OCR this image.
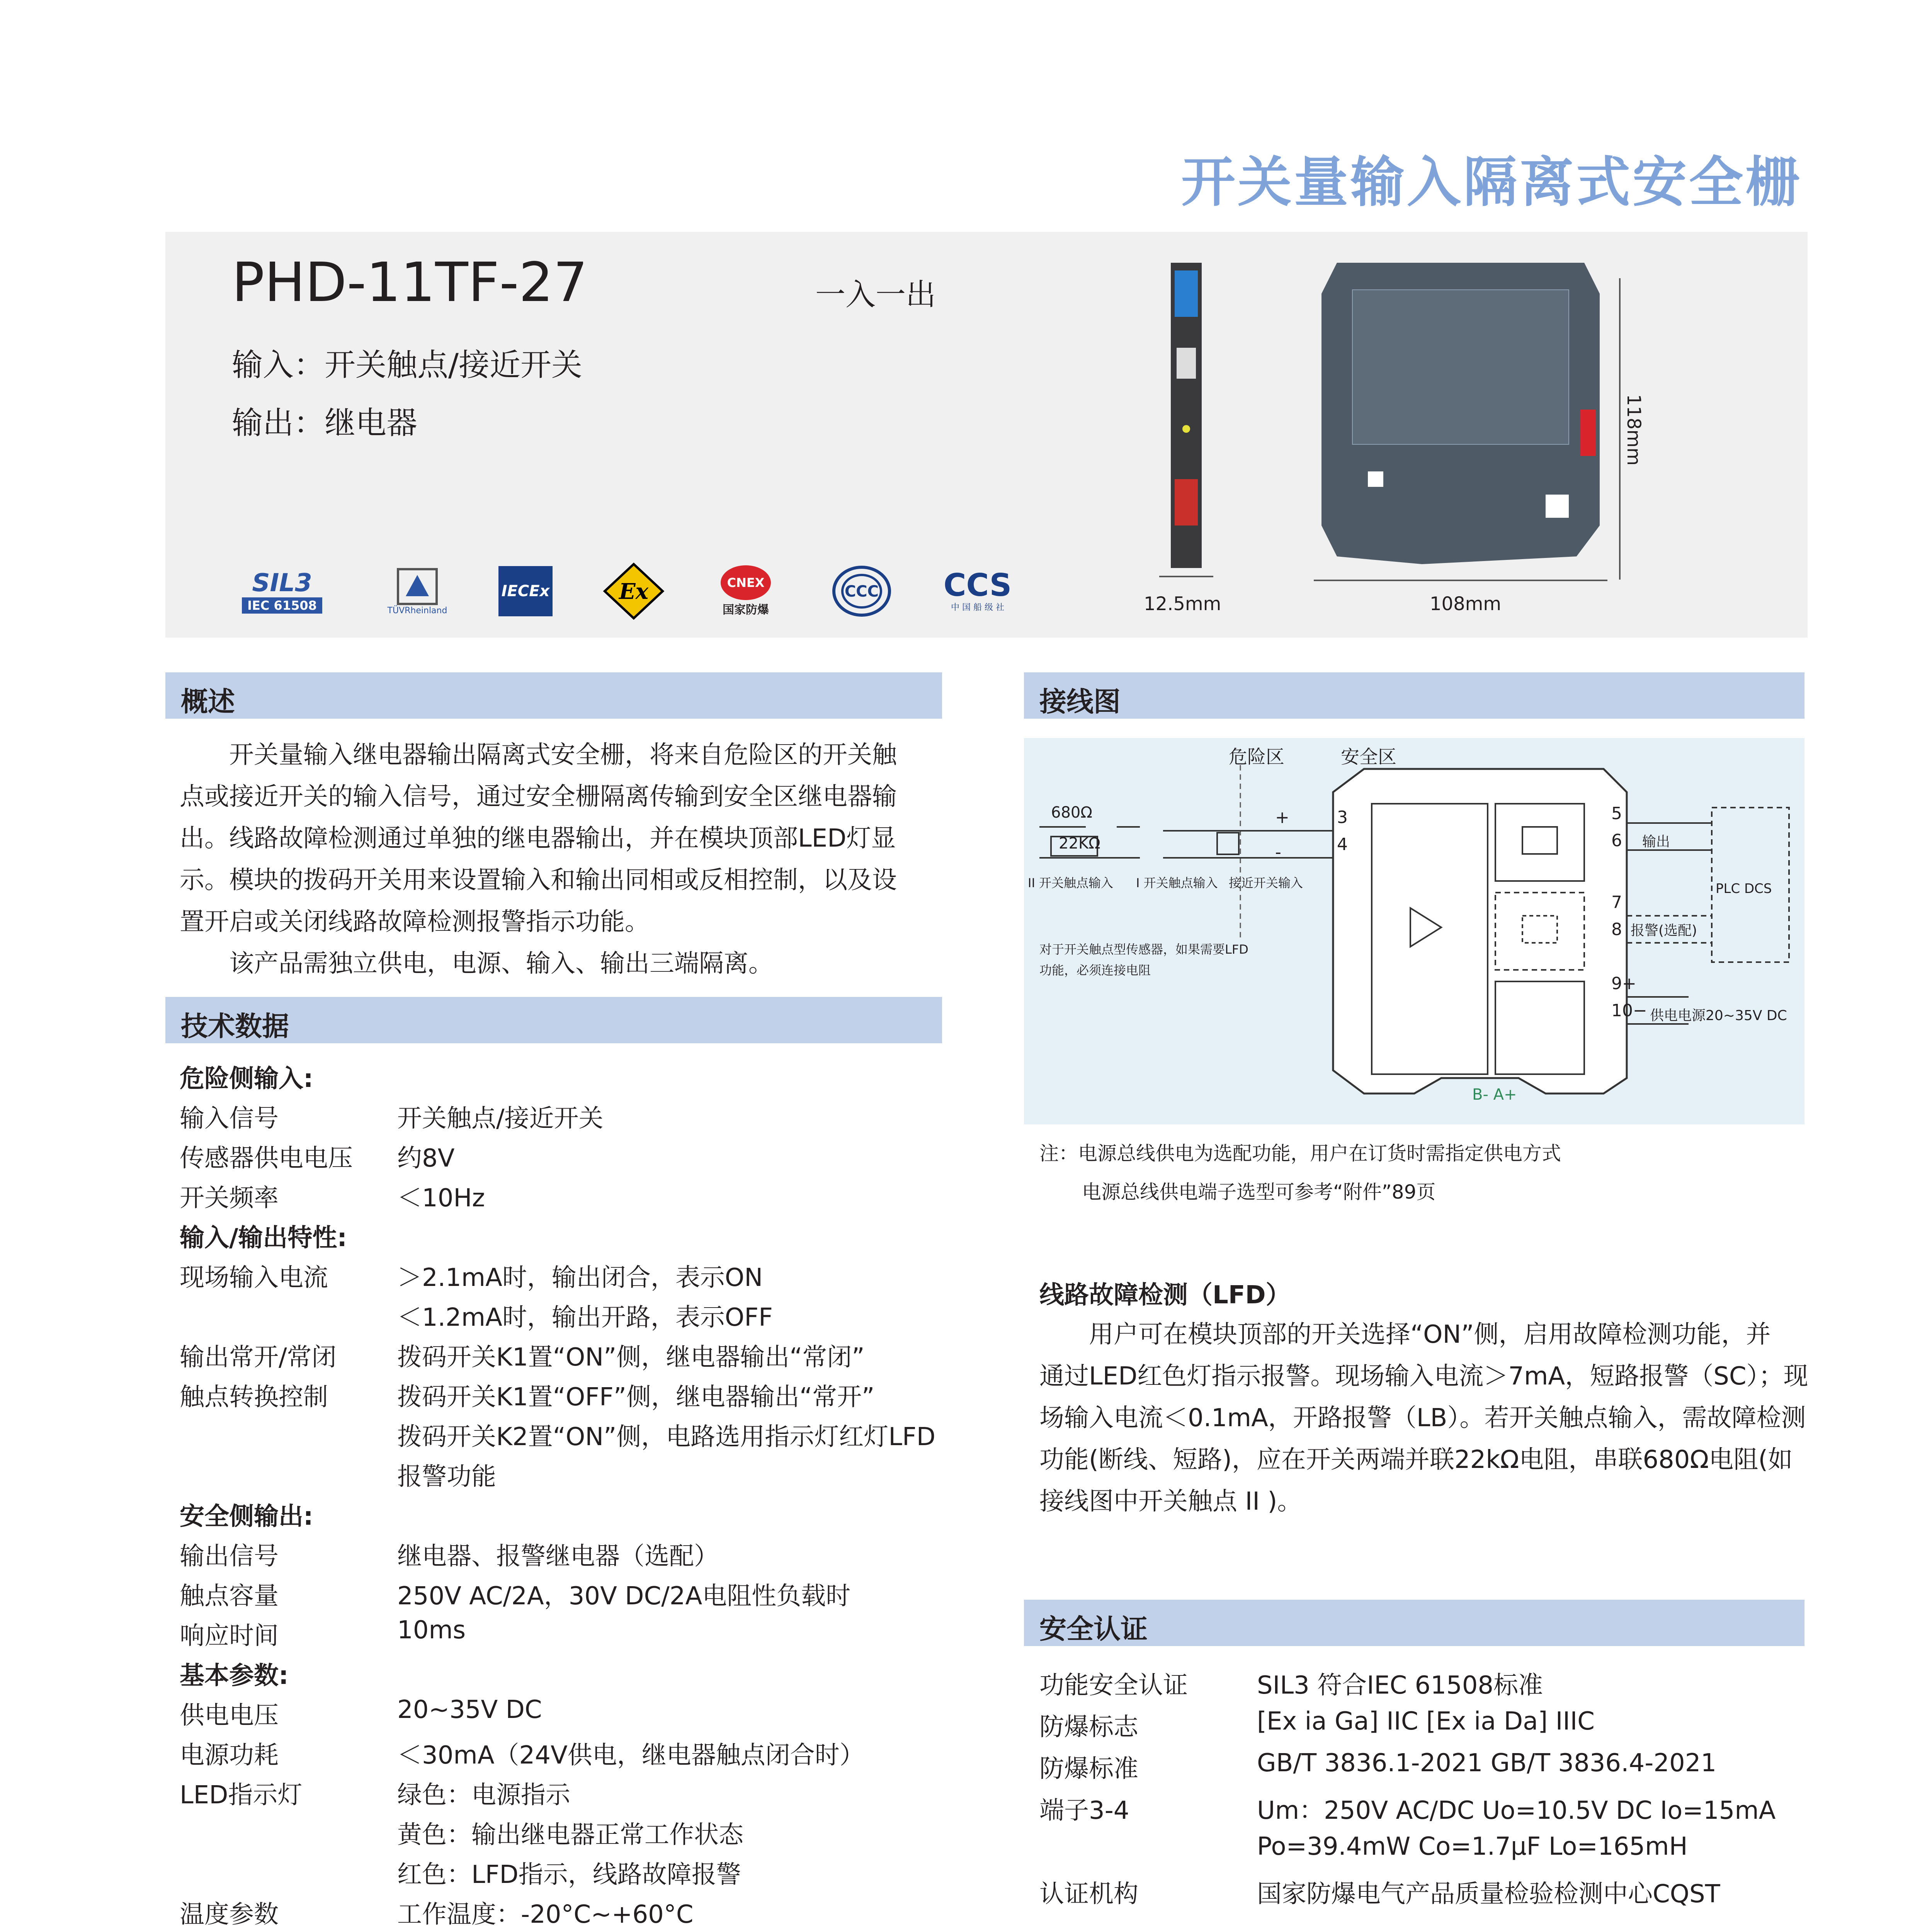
开关量输入隔离式安全栅
PHD-11TF-27	一入一出
输入：开关触点/接近开关
输出：继电器
SIL3
IEC 61508	TÜVRheinland
IECEx	Ex	CNEX
国家防爆
CCC CCS
中 国 船 级 社	12.5mm	108mm
118mm
概述
开关量输入继电器输出隔离式安全栅，将来自危险区的开关触
点或接近开关的输入信号，通过安全栅隔离传输到安全区继电器输
出。线路故障检测通过单独的继电器输出，并在模块顶部LED灯显
示。模块的拨码开关用来设置输入和输出同相或反相控制，以及设
置开启或关闭线路故障检测报警指示功能。
该产品需独立供电，电源、输入、输出三端隔离。
技术数据
危险侧输入:
输入信号	开关触点/接近开关
传感器供电电压 约8V
开关频率	＜10Hz
输入/输出特性:
现场输入电流	＞2.1mA时，输出闭合，表示ON
＜1.2mA时，输出开路，表示OFF
输出常开/常闭 拨码开关K1置“ON”侧，继电器输出“常闭”
触点转换控制	拨码开关K1置“OFF”侧，继电器输出“常开”
拨码开关K2置“ON”侧，电路选用指示灯红灯LFD
报警功能
安全侧输出:
输出信号	继电器、报警继电器（选配）
触点容量	250V AC/2A，30V DC/2A电阻性负载时
响应时间	10ms
基本参数:
供电电压	20~35V DC
电源功耗	＜30mA（24V供电，继电器触点闭合时）
LED指示灯	绿色：电源指示
黄色：输出继电器正常工作状态
红色：LFD指示，线路故障报警
温度参数	工作温度：-20°C~+60°C
接线图
危险区	安全区
680Ω
22KΩ
II 开关触点输入 I 开关触点输入 接近开关输入
+
-
3
4
5
6
7
8
9+
10−
输出
报警(选配)
PLC DCS
供电电源20~35V DC
B- A+
对于开关触点型传感器，如果需要LFD
功能，必须连接电阻
注：电源总线供电为选配功能，用户在订货时需指定供电方式
电源总线供电端子选型可参考“附件”89页
线路故障检测（LFD）
用户可在模块顶部的开关选择“ON”侧，启用故障检测功能，并
通过LED红色灯指示报警。现场输入电流＞7mA，短路报警（SC）；现
场输入电流＜0.1mA，开路报警（LB）。若开关触点输入，需故障检测
功能(断线、短路)，应在开关两端并联22kΩ电阻，串联680Ω电阻(如
接线图中开关触点 II )。
安全认证
功能安全认证	SIL3 符合IEC 61508标准
防爆标志	[Ex ia Ga] IIC [Ex ia Da] IIIC
防爆标准	GB/T 3836.1-2021 GB/T 3836.4-2021
端子3-4	Um：250V AC/DC Uo=10.5V DC Io=15mA
Po=39.4mW Co=1.7μF Lo=165mH
认证机构	国家防爆电气产品质量检验检测中心CQST
